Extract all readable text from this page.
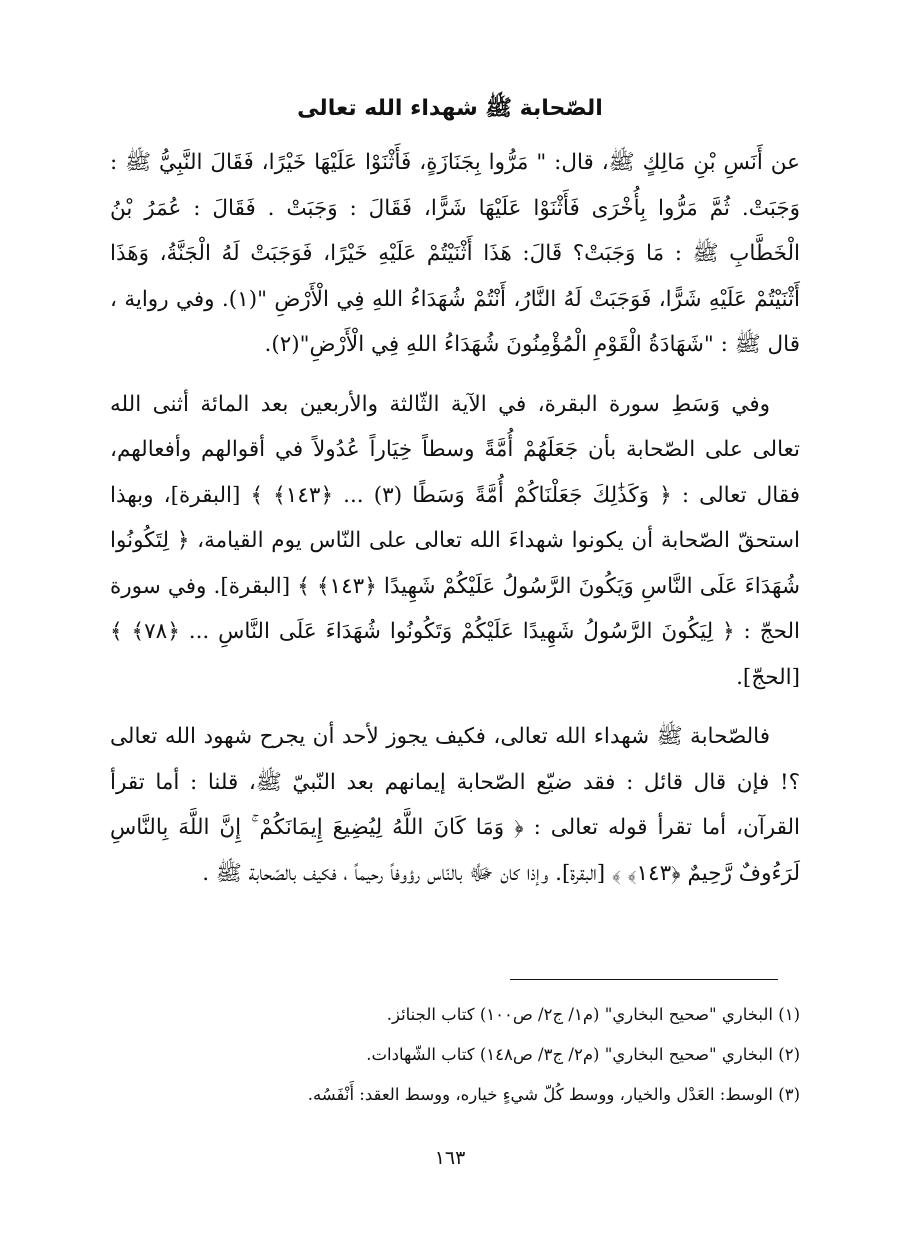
الصّحابة ﷺ شهداء الله تعالى

عن أَنَسِ بْنِ مَالِكٍ ﷺ، قال: " مَرُّوا بِجَنَازَةٍ، فَأَثْنَوْا عَلَيْهَا خَيْرًا، فَقَالَ النَّبِيُّ ﷺ : وَجَبَتْ. ثُمَّ مَرُّوا بِأُخْرَى فَأَثْنَوْا عَلَيْهَا شَرًّا، فَقَالَ : وَجَبَتْ . فَقَالَ : عُمَرُ بْنُ الْخَطَّابِ ﷺ : مَا وَجَبَتْ؟ قَالَ: هَذَا أَثْنَيْتُمْ عَلَيْهِ خَيْرًا، فَوَجَبَتْ لَهُ الْجَنَّةُ، وَهَذَا أَثْنَيْتُمْ عَلَيْهِ شَرًّا، فَوَجَبَتْ لَهُ النَّارُ، أَنْتُمْ شُهَدَاءُ اللهِ فِي الْأَرْضِ "(١). وفي رواية ، قال ﷺ : "شَهَادَةُ الْقَوْمِ الْمُؤْمِنُونَ شُهَدَاءُ اللهِ فِي الْأَرْضِ"(٢).

وفي وَسَطِ سورة البقرة، في الآية الثّالثة والأربعين بعد المائة أثنى الله تعالى على الصّحابة بأن جَعَلَهُمْ أُمَّةً وسطاً خِيَاراً عُدُولاً في أقوالهم وأفعالهم، فقال تعالى : ﴿ وَكَذَٰلِكَ جَعَلْنَاكُمْ أُمَّةً وَسَطًا (٣) ... ﴿١٤٣﴾ ﴾ [البقرة]، وبهذا استحقّ الصّحابة أن يكونوا شهداءَ الله تعالى على النّاس يوم القيامة، ﴿ لِتَكُونُوا شُهَدَاءَ عَلَى النَّاسِ وَيَكُونَ الرَّسُولُ عَلَيْكُمْ شَهِيدًا ﴿١٤٣﴾ ﴾ [البقرة]. وفي سورة الحجّ : ﴿ لِيَكُونَ الرَّسُولُ شَهِيدًا عَلَيْكُمْ وَتَكُونُوا شُهَدَاءَ عَلَى النَّاسِ ... ﴿٧٨﴾ ﴾ [الحجّ].

فالصّحابة ﷺ شهداء الله تعالى، فكيف يجوز لأحد أن يجرح شهود الله تعالى ؟! فإن قال قائل : فقد ضيّع الصّحابة إيمانهم بعد النّبيّ ﷺ، قلنا : أما تقرأ القرآن، أما تقرأ قوله تعالى : ﴿ وَمَا كَانَ اللَّهُ لِيُضِيعَ إِيمَانَكُمْ ۚ إِنَّ اللَّهَ بِالنَّاسِ لَرَءُوفٌ رَّحِيمٌ ﴿١٤٣﴾ ﴾ [البقرة]. وإذا كان ﷻ بالنّاس رؤوفاً رحيماً ، فكيف بالصّحابة ﷺ .

(١) البخاري "صحيح البخاري" (م١/ ج٢/ ص١٠٠) كتاب الجنائز.

(٢) البخاري "صحيح البخاري" (م٢/ ج٣/ ص١٤٨) كتاب الشّهادات.

(٣) الوسط: العَدْل والخيار، ووسط كُلّ شيءٍ خياره، ووسط العقد: أَنْفَسُه.

١٦٣
